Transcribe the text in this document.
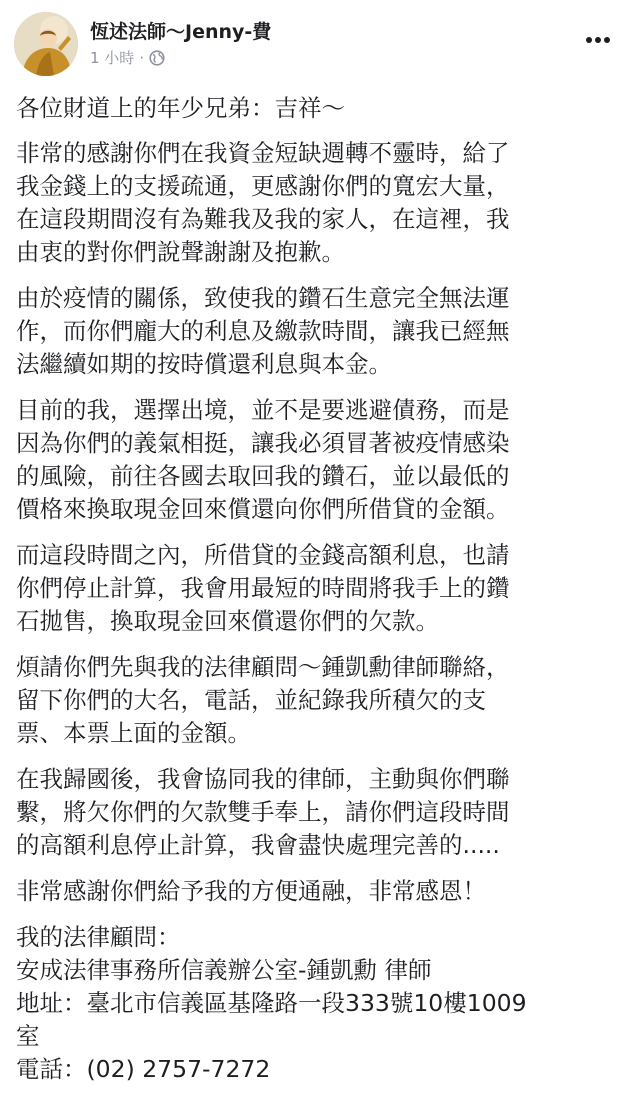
恆述法師〜Jenny-費
1 小時 ·

各位財道上的年少兄弟：吉祥〜

非常的感謝你們在我資金短缺週轉不靈時，給了
我金錢上的支援疏通，更感謝你們的寬宏大量，
在這段期間沒有為難我及我的家人，在這裡，我
由衷的對你們說聲謝謝及抱歉。

由於疫情的關係，致使我的鑽石生意完全無法運
作，而你們龐大的利息及繳款時間，讓我已經無
法繼續如期的按時償還利息與本金。

目前的我，選擇出境，並不是要逃避債務，而是
因為你們的義氣相挺，讓我必須冒著被疫情感染
的風險，前往各國去取回我的鑽石，並以最低的
價格來換取現金回來償還向你們所借貸的金額。

而這段時間之內，所借貸的金錢高額利息，也請
你們停止計算，我會用最短的時間將我手上的鑽
石拋售，換取現金回來償還你們的欠款。

煩請你們先與我的法律顧問〜鍾凱勳律師聯絡，
留下你們的大名，電話，並紀錄我所積欠的支
票、本票上面的金額。

在我歸國後，我會協同我的律師，主動與你們聯
繫，將欠你們的欠款雙手奉上，請你們這段時間
的高額利息停止計算，我會盡快處理完善的.....

非常感謝你們給予我的方便通融，非常感恩！

我的法律顧問：

安成法律事務所信義辦公室-鍾凱勳 律師

地址：臺北市信義區基隆路一段333號10樓1009
室

電話：(02) 2757-7272
